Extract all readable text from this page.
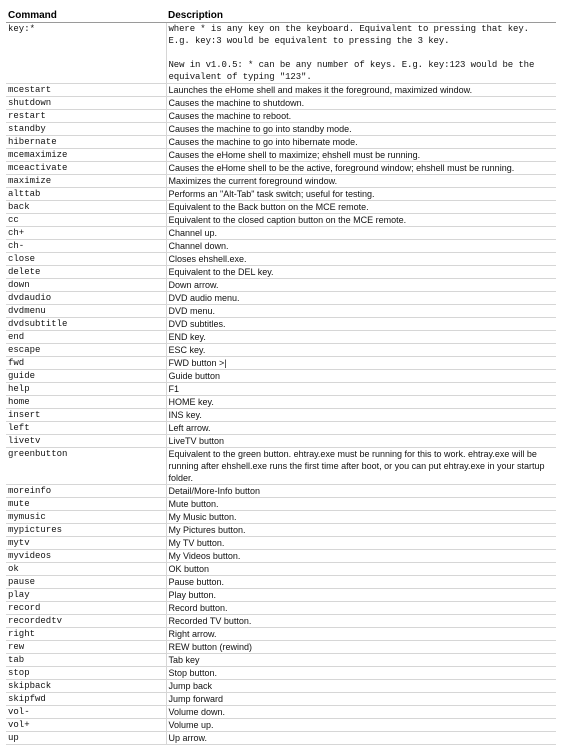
Command	Description
key:*	where * is any key on the keyboard. Equivalent to pressing that key. E.g. key:3 would be equivalent to pressing the 3 key.

New in v1.0.5: * can be any number of keys. E.g. key:123 would be the equivalent of typing "123".
mcestart	Launches the eHome shell and makes it the foreground, maximized window.
shutdown	Causes the machine to shutdown.
restart	Causes the machine to reboot.
standby	Causes the machine to go into standby mode.
hibernate	Causes the machine to go into hibernate mode.
mcemaximize	Causes the eHome shell to maximize; ehshell must be running.
mceactivate	Causes the eHome shell to be the active, foreground window; ehshell must be running.
maximize	Maximizes the current foreground window.
alttab	Performs an "Alt-Tab" task switch; useful for testing.
back	Equivalent to the Back button on the MCE remote.
cc	Equivalent to the closed caption button on the MCE remote.
ch+	Channel up.
ch-	Channel down.
close	Closes ehshell.exe.
delete	Equivalent to the DEL key.
down	Down arrow.
dvdaudio	DVD audio menu.
dvdmenu	DVD menu.
dvdsubtitle	DVD subtitles.
end	END key.
escape	ESC key.
fwd	FWD button >|
guide	Guide button
help	F1
home	HOME key.
insert	INS key.
left	Left arrow.
livetv	LiveTV button
greenbutton	Equivalent to the green button. ehtray.exe must be running for this to work. ehtray.exe will be running after ehshell.exe runs the first time after boot, or you can put ehtray.exe in your startup folder.
moreinfo	Detail/More-Info button
mute	Mute button.
mymusic	My Music button.
mypictures	My Pictures button.
mytv	My TV button.
myvideos	My Videos button.
ok	OK button
pause	Pause button.
play	Play button.
record	Record button.
recordedtv	Recorded TV button.
right	Right arrow.
rew	REW button (rewind)
tab	Tab key
stop	Stop button.
skipback	Jump back
skipfwd	Jump forward
vol-	Volume down.
vol+	Volume up.
up	Up arrow.
